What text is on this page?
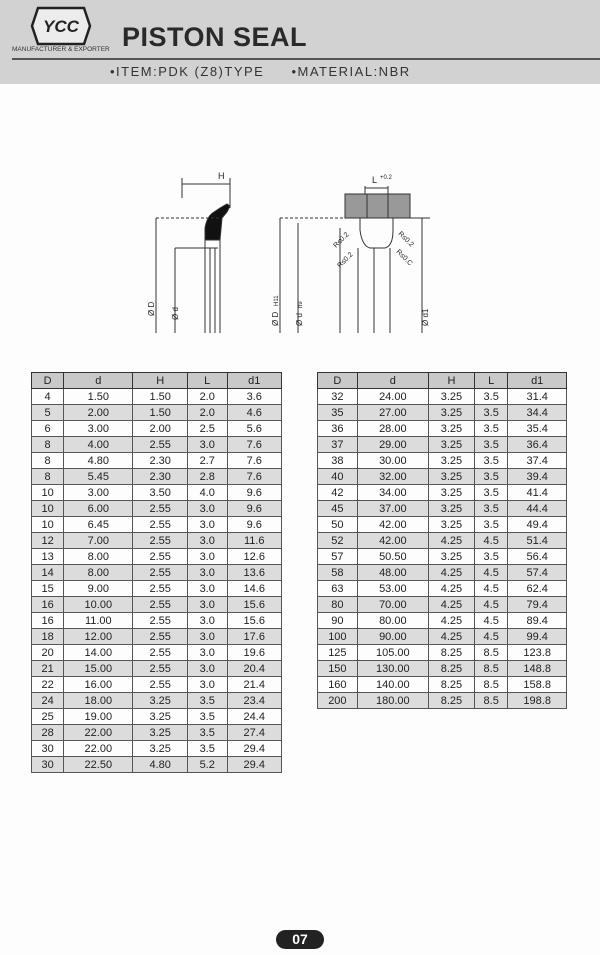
YCC
MANUFACTURER & EXPORTER PISTON SEAL
•ITEM:PDK (Z8)TYPE •MATERIAL:NBR
H
Ø D Ø d
L +0.2
Ø D
H11
Ø d
h9
Ø d1
R≤0.2
R≤0.2
R≤0.2
R≤0.C
D	d	H	L	d1
4	1.50	1.50	2.0	3.6
5	2.00	1.50	2.0	4.6
6	3.00	2.00	2.5	5.6
8	4.00	2.55	3.0	7.6
8	4.80	2.30	2.7	7.6
8	5.45	2.30	2.8	7.6
10	3.00	3.50	4.0	9.6
10	6.00	2.55	3.0	9.6
10	6.45	2.55	3.0	9.6
12	7.00	2.55	3.0	11.6
13	8.00	2.55	3.0	12.6
14	8.00	2.55	3.0	13.6
15	9.00	2.55	3.0	14.6
16	10.00	2.55	3.0	15.6
16	11.00	2.55	3.0	15.6
18	12.00	2.55	3.0	17.6
20	14.00	2.55	3.0	19.6
21	15.00	2.55	3.0	20.4
22	16.00	2.55	3.0	21.4
24	18.00	3.25	3.5	23.4
25	19.00	3.25	3.5	24.4
28	22.00	3.25	3.5	27.4
30	22.00	3.25	3.5	29.4
30	22.50	4.80	5.2	29.4
D	d	H	L	d1
32	24.00	3.25	3.5	31.4
35	27.00	3.25	3.5	34.4
36	28.00	3.25	3.5	35.4
37	29.00	3.25	3.5	36.4
38	30.00	3.25	3.5	37.4
40	32.00	3.25	3.5	39.4
42	34.00	3.25	3.5	41.4
45	37.00	3.25	3.5	44.4
50	42.00	3.25	3.5	49.4
52	42.00	4.25	4.5	51.4
57	50.50	3.25	3.5	56.4
58	48.00	4.25	4.5	57.4
63	53.00	4.25	4.5	62.4
80	70.00	4.25	4.5	79.4
90	80.00	4.25	4.5	89.4
100	90.00	4.25	4.5	99.4
125	105.00	8.25	8.5	123.8
150	130.00	8.25	8.5	148.8
160	140.00	8.25	8.5	158.8
200	180.00	8.25	8.5	198.8
07
